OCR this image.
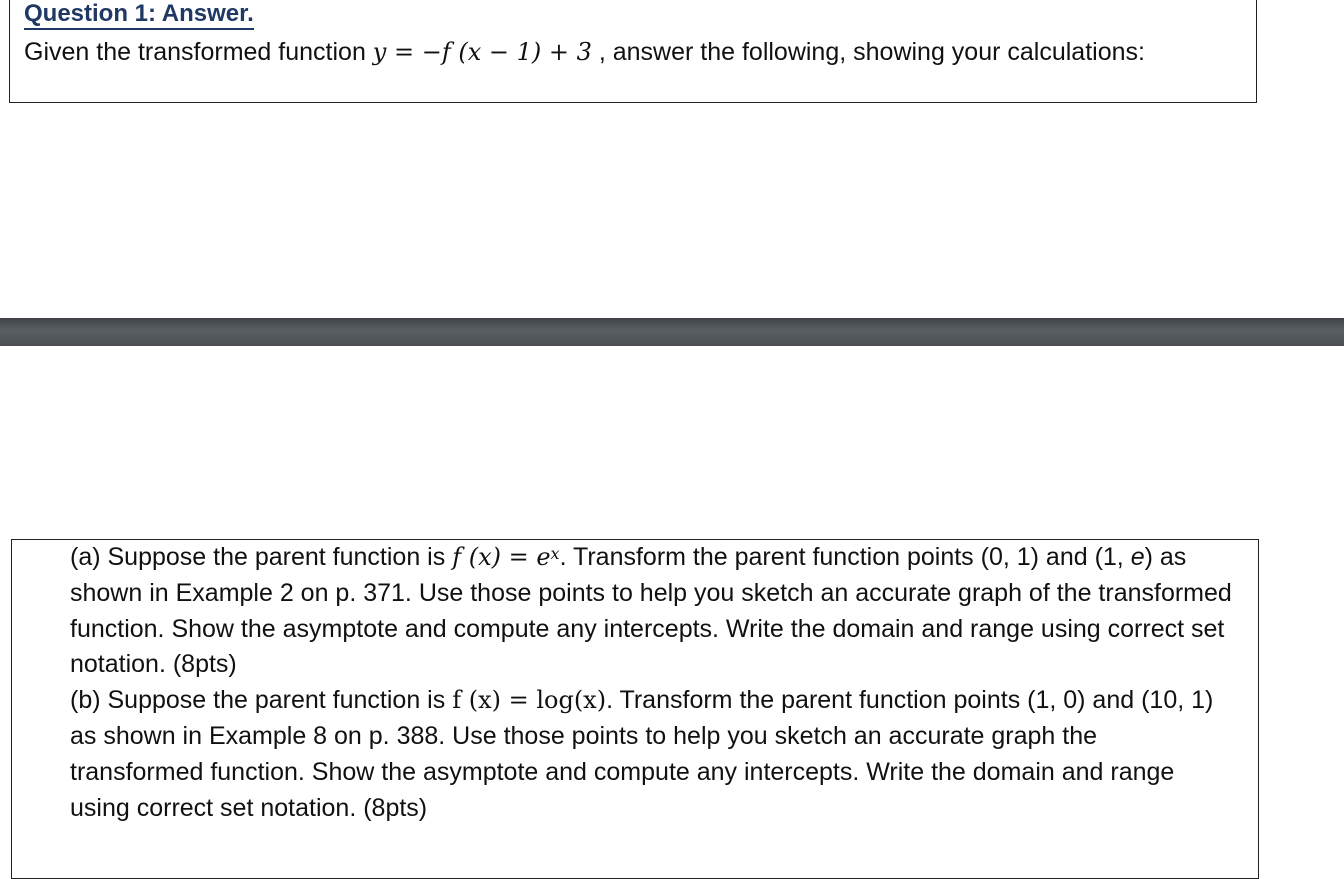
Question 1: Answer.
Given the transformed function y = −f (x − 1) + 3 , answer the following, showing your calculations:

(a) Suppose the parent function is f $(x) = e^x$. Transform the parent function points (0, 1) and (1, e) as shown in Example 2 on p. 371. Use those points to help you sketch an accurate graph of the transformed function. Show the asymptote and compute any intercepts. Write the domain and range using correct set notation. (8pts)

(b) Suppose the parent function is f (x) = log(x). Transform the parent function points (1, 0) and (10, 1) as shown in Example 8 on p. 388. Use those points to help you sketch an accurate graph the transformed function. Show the asymptote and compute any intercepts. Write the domain and range using correct set notation. (8pts)
